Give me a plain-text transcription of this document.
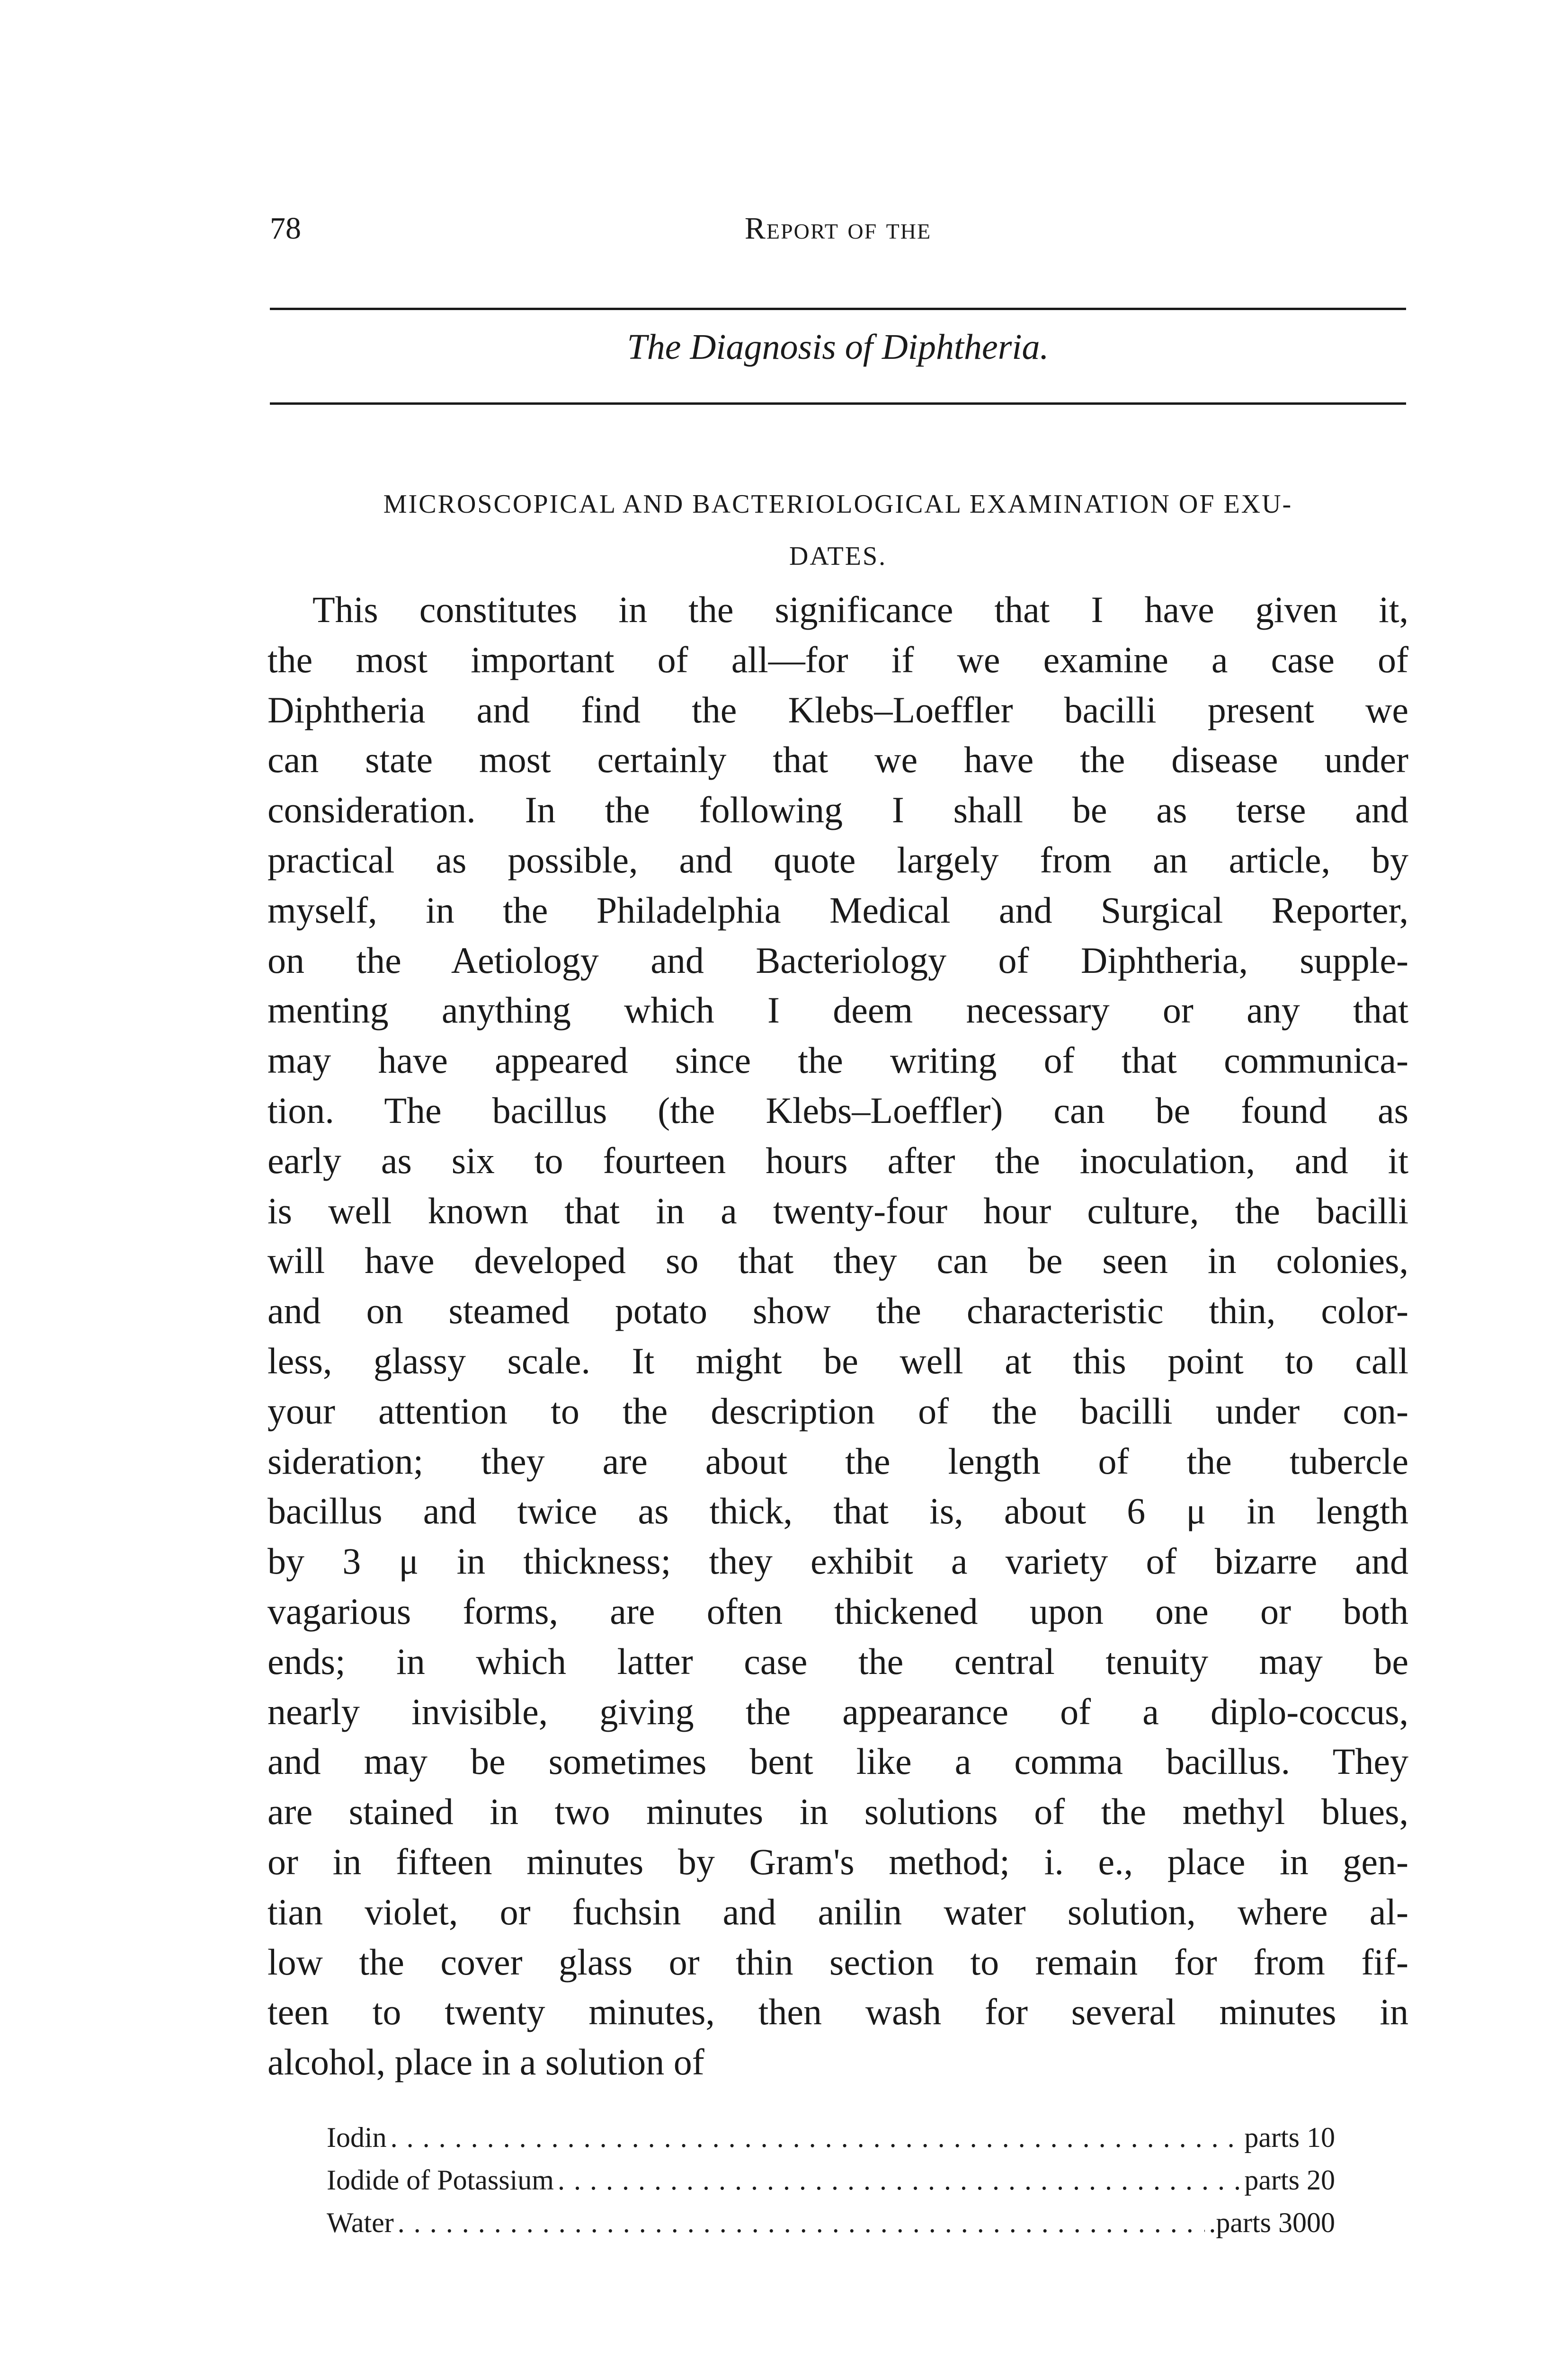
78	Report of the
The Diagnosis of Diphtheria.
MICROSCOPICAL AND BACTERIOLOGICAL EXAMINATION OF EXU-
DATES.
This constitutes in the significance that I have given it,
the most important of all—for if we examine a case of
Diphtheria and find the Klebs–Loeffler bacilli present we
can state most certainly that we have the disease under
consideration. In the following I shall be as terse and
practical as possible, and quote largely from an article, by
myself, in the Philadelphia Medical and Surgical Reporter,
on the Aetiology and Bacteriology of Diphtheria, supple-
menting anything which I deem necessary or any that
may have appeared since the writing of that communica-
tion. The bacillus (the Klebs–Loeffler) can be found as
early as six to fourteen hours after the inoculation, and it
is well known that in a twenty-four hour culture, the bacilli
will have developed so that they can be seen in colonies,
and on steamed potato show the characteristic thin, color-
less, glassy scale. It might be well at this point to call
your attention to the description of the bacilli under con-
sideration; they are about the length of the tubercle
bacillus and twice as thick, that is, about 6 μ in length
by 3 μ in thickness; they exhibit a variety of bizarre and
vagarious forms, are often thickened upon one or both
ends; in which latter case the central tenuity may be
nearly invisible, giving the appearance of a diplo-coccus,
and may be sometimes bent like a comma bacillus. They
are stained in two minutes in solutions of the methyl blues,
or in fifteen minutes by Gram's method; i. e., place in gen-
tian violet, or fuchsin and anilin water solution, where al-
low the cover glass or thin section to remain for from fif-
teen to twenty minutes, then wash for several minutes in
alcohol, place in a solution of
Iodin . . .	parts 10
Iodide of Potassium . . .	parts 20
Water . . .	.parts 3000
